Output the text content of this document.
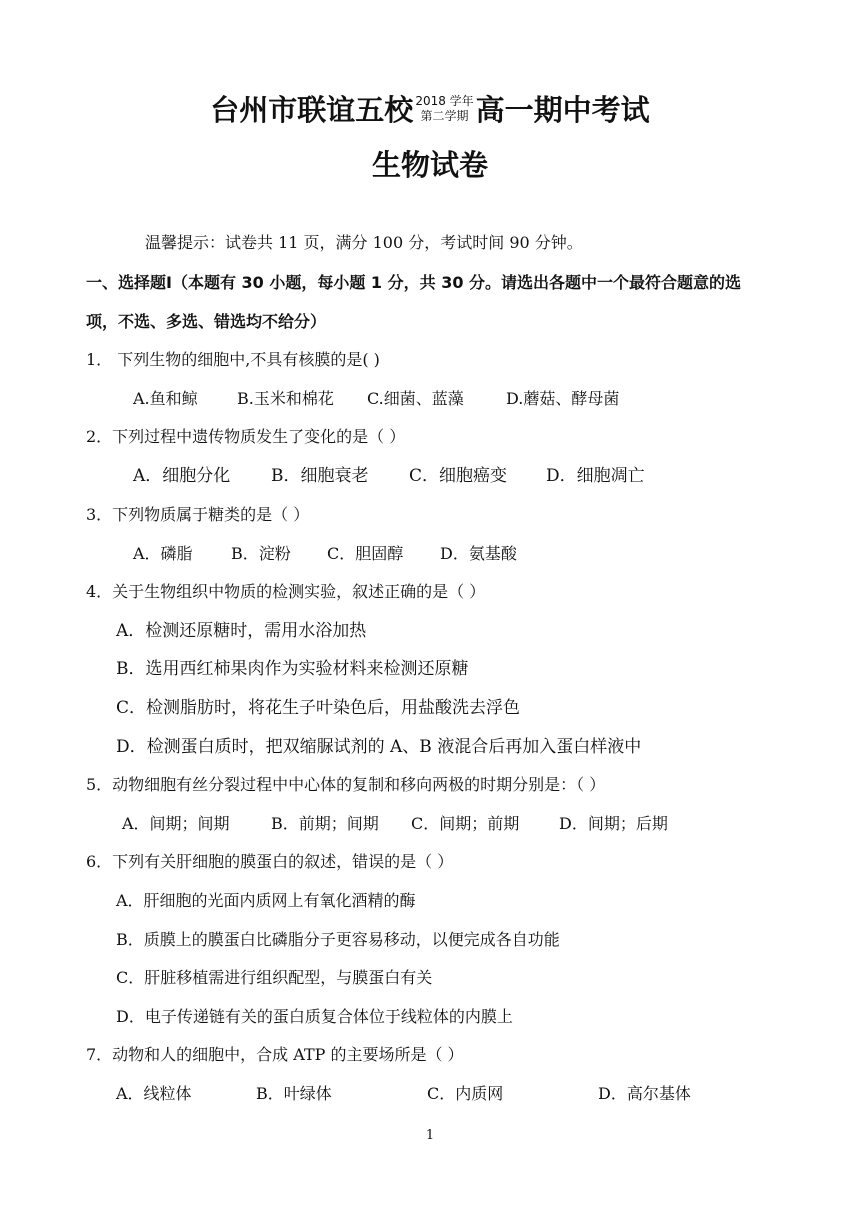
台州市联谊五校 2018 学年
第二学期 高一期中考试
生物试卷
温馨提示：试卷共 11 页，满分 100 分，考试时间 90 分钟。
一、选择题Ⅰ（本题有 30 小题，每小题 1 分，共 30 分。请选出各题中一个最符合题意的选
项，不选、多选、错选均不给分）
1． 下列生物的细胞中,不具有核膜的是( )
A.鱼和鲸 B.玉米和棉花 C.细菌、蓝藻	D.蘑菇、酵母菌
2．下列过程中遗传物质发生了变化的是（ ）
A．细胞分化 B．细胞衰老 C．细胞癌变 D．细胞凋亡
3．下列物质属于糖类的是（ ）
A．磷脂 B．淀粉 C．胆固醇 D．氨基酸
4．关于生物组织中物质的检测实验，叙述正确的是（ ）
A．检测还原糖时，需用水浴加热
B．选用西红柿果肉作为实验材料来检测还原糖
C．检测脂肪时，将花生子叶染色后，用盐酸洗去浮色
D．检测蛋白质时，把双缩脲试剂的 A、B 液混合后再加入蛋白样液中
5．动物细胞有丝分裂过程中中心体的复制和移向两极的时期分别是：（ ）
A．间期；间期	B．前期；间期 C．间期；前期 D．间期；后期
6．下列有关肝细胞的膜蛋白的叙述，错误的是（ ）
A．肝细胞的光面内质网上有氧化酒精的酶
B．质膜上的膜蛋白比磷脂分子更容易移动，以便完成各自功能
C．肝脏移植需进行组织配型，与膜蛋白有关
D．电子传递链有关的蛋白质复合体位于线粒体的内膜上
7．动物和人的细胞中，合成 ATP 的主要场所是（ ）
A．线粒体	B．叶绿体	C．内质网	D．高尔基体
1
